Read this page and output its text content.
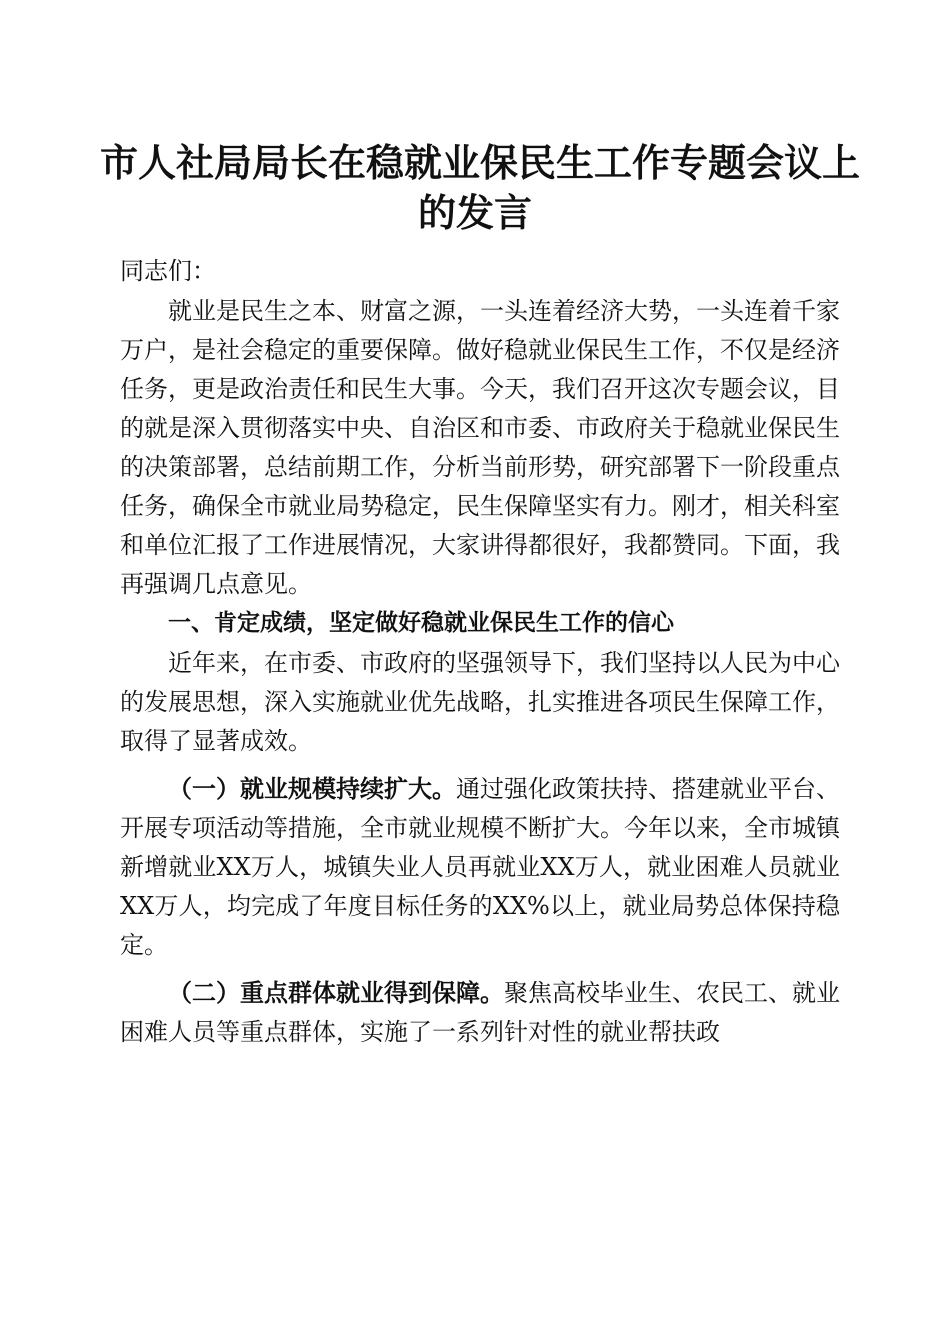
市人社局局长在稳就业保民生工作专题会议上
的发言

同志们：

就业是民生之本、财富之源，一头连着经济大势，一头连着千家万户，是社会稳定的重要保障。做好稳就业保民生工作，不仅是经济任务，更是政治责任和民生大事。今天，我们召开这次专题会议，目的就是深入贯彻落实中央、自治区和市委、市政府关于稳就业保民生的决策部署，总结前期工作，分析当前形势，研究部署下一阶段重点任务，确保全市就业局势稳定，民生保障坚实有力。刚才，相关科室和单位汇报了工作进展情况，大家讲得都很好，我都赞同。下面，我再强调几点意见。

一、肯定成绩，坚定做好稳就业保民生工作的信心

近年来，在市委、市政府的坚强领导下，我们坚持以人民为中心的发展思想，深入实施就业优先战略，扎实推进各项民生保障工作，取得了显著成效。

（一）就业规模持续扩大。通过强化政策扶持、搭建就业平台、开展专项活动等措施，全市就业规模不断扩大。今年以来，全市城镇新增就业XX万人，城镇失业人员再就业XX万人，就业困难人员就业XX万人，均完成了年度目标任务的XX%以上，就业局势总体保持稳定。

（二）重点群体就业得到保障。聚焦高校毕业生、农民工、就业困难人员等重点群体，实施了一系列针对性的就业帮扶政
